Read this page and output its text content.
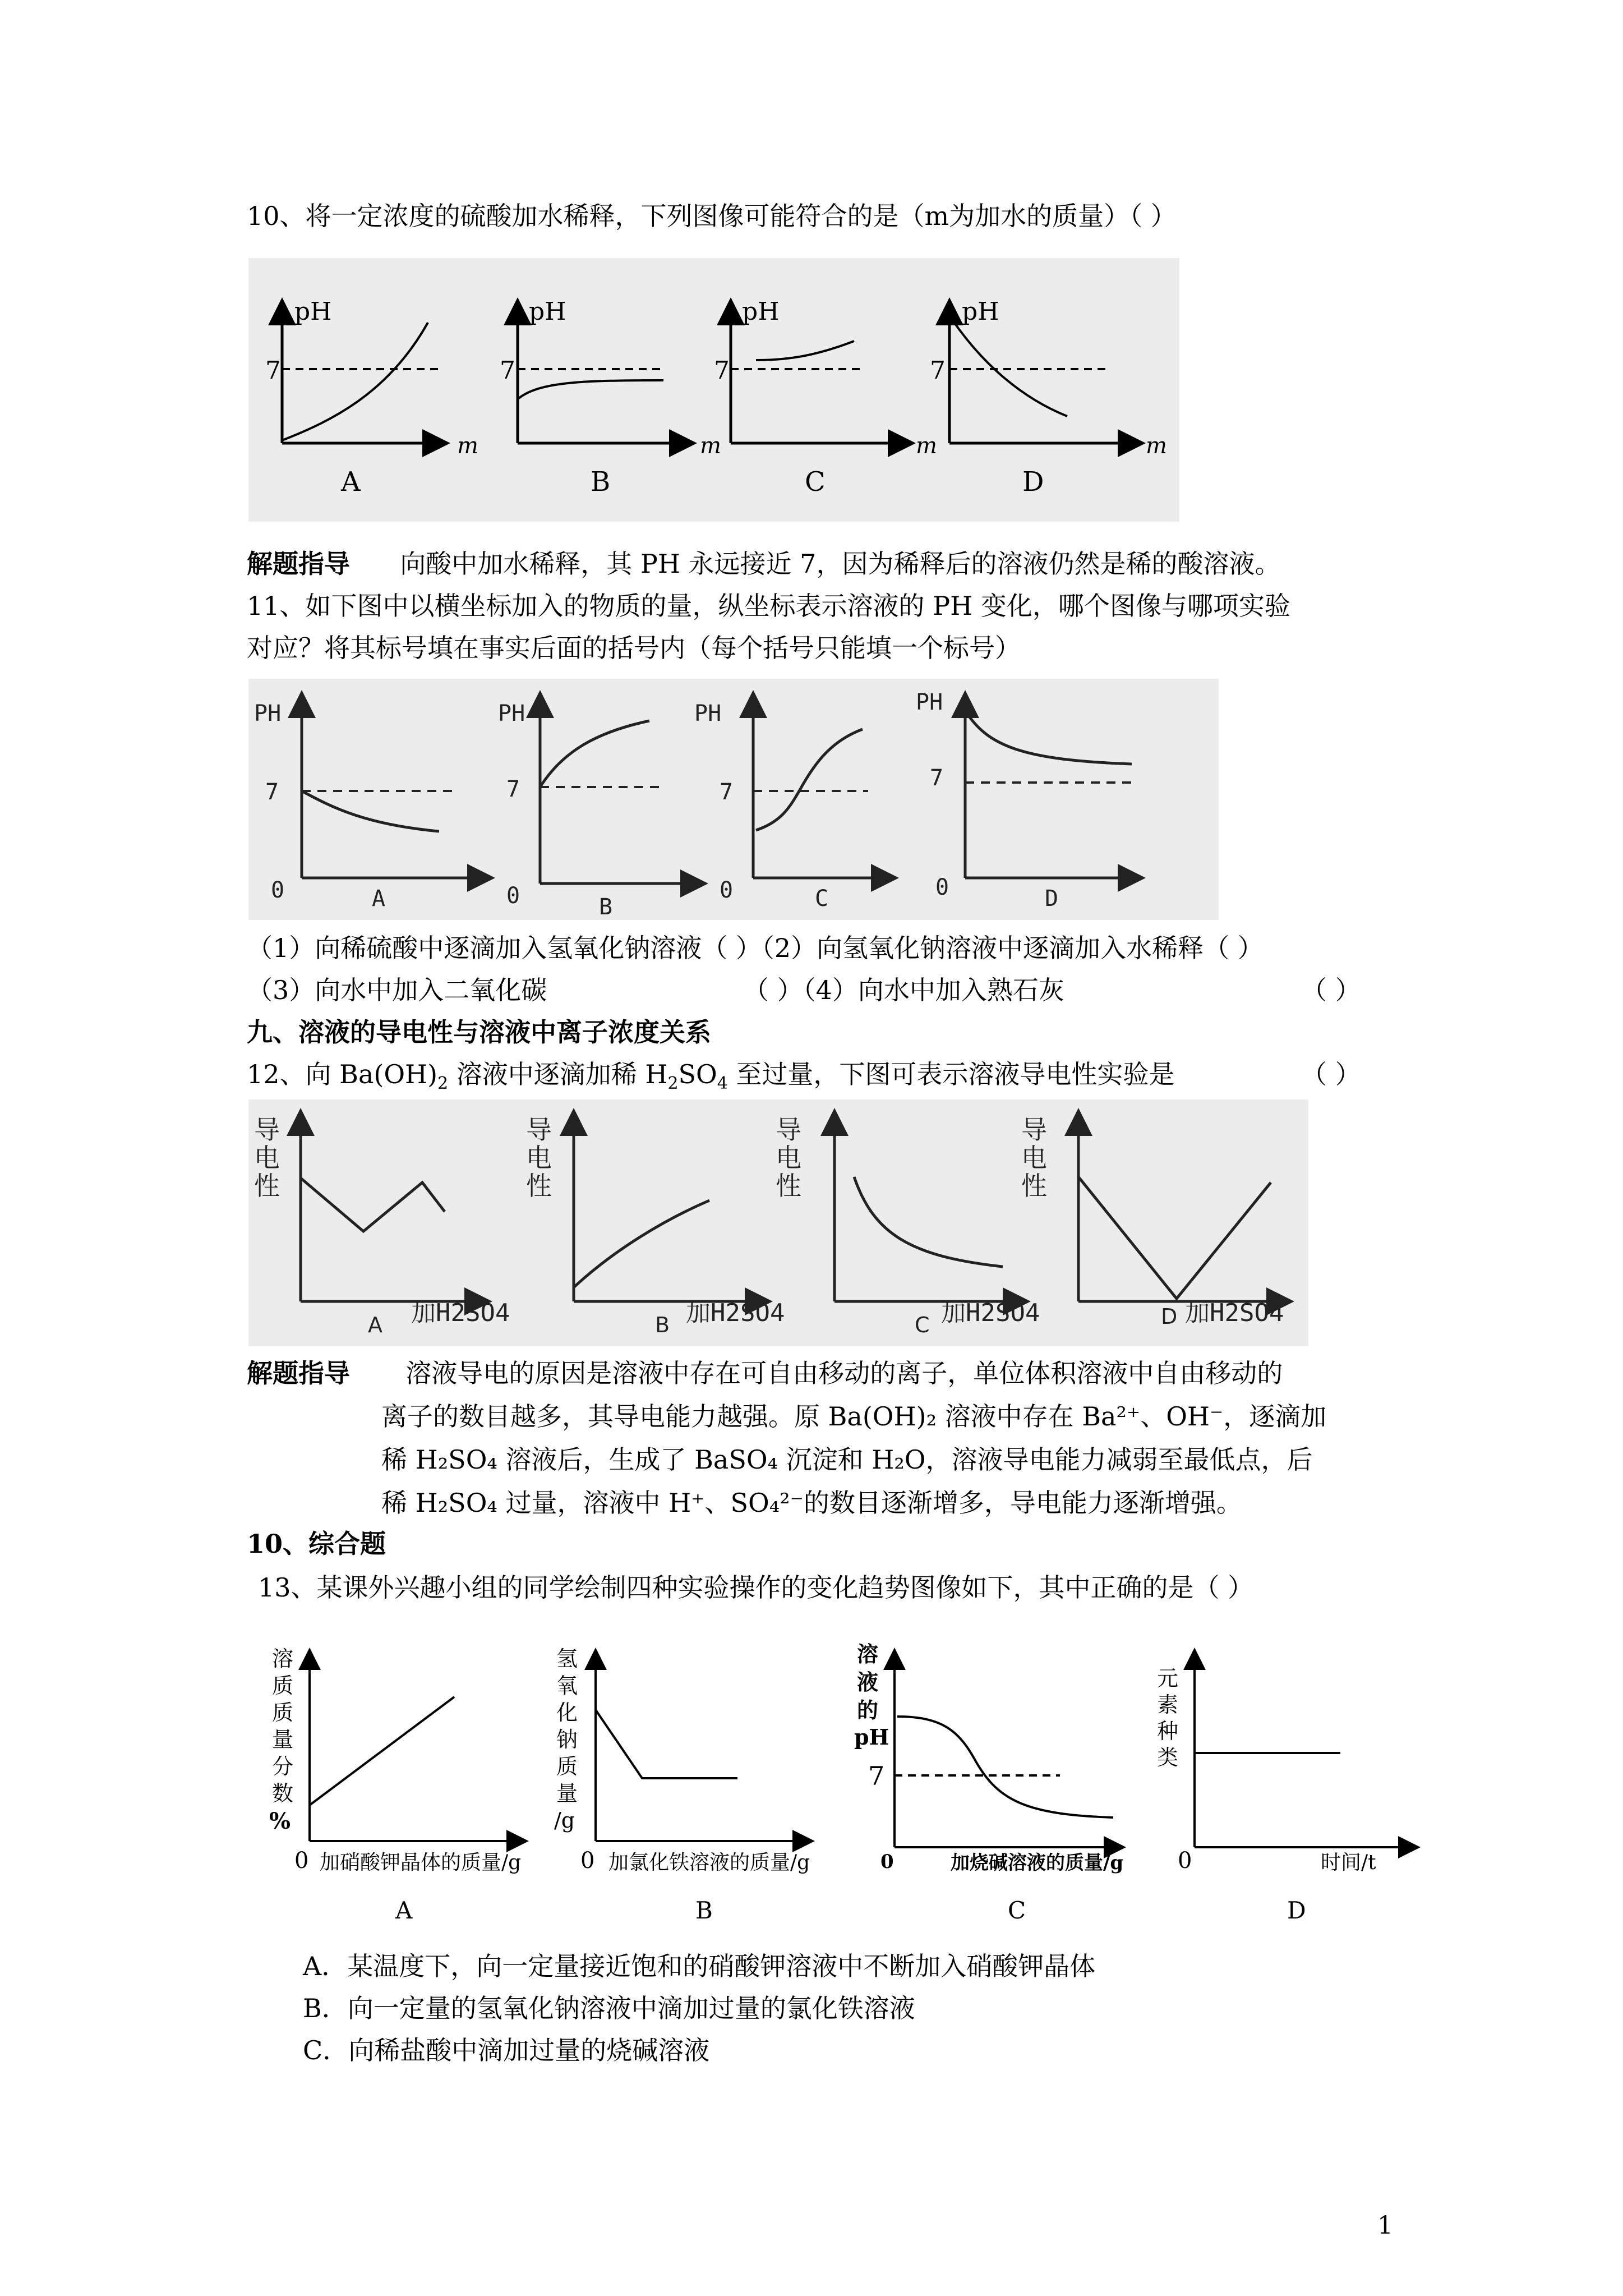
10、将一定浓度的硫酸加水稀释，下列图像可能符合的是（m为加水的质量）（ ）
7
pH
m
A
7
pH
m
B
7
pH
m
C
7
pH
m
D
解题指导 向酸中加水稀释，其 PH 永远接近 7，因为稀释后的溶液仍然是稀的酸溶液。
11、如下图中以横坐标加入的物质的量，纵坐标表示溶液的 PH 变化，哪个图像与哪项实验
对应？将其标号填在事实后面的括号内（每个括号只能填一个标号）
PH
7
0	A
PH
7
0	B
PH
7
0	C
PH
7
0	D
（1）向稀硫酸中逐滴加入氢氧化钠溶液（ ）（2）向氢氧化钠溶液中逐滴加入水稀释（ ）
（3）向水中加入二氧化碳	（ ）（4）向水中加入熟石灰	（ ）
九、溶液的导电性与溶液中离子浓度关系
12、向 $Ba(OH)_2$ 溶液中逐滴加稀 $H_2SO_4$ 至过量，下图可表示溶液导电性实验是	（ ）
导
电
性
A 加H2SO4
导
电
性
B 加H2SO4
导
电
性
C 加H2SO4
导
电
性
D 加H2SO4
解题指导 溶液导电的原因是溶液中存在可自由移动的离子，单位体积溶液中自由移动的
离子的数目越多，其导电能力越强。原 Ba(OH)₂ 溶液中存在 Ba²⁺、OH⁻，逐滴加
稀 H₂SO₄ 溶液后，生成了 BaSO₄ 沉淀和 H₂O，溶液导电能力减弱至最低点，后
稀 H₂SO₄ 过量，溶液中 H⁺、SO₄²⁻的数目逐渐增多，导电能力逐渐增强。
10、综合题
13、某课外兴趣小组的同学绘制四种实验操作的变化趋势图像如下，其中正确的是（ ）
溶
质
质
量
分
数
%
0 加硝酸钾晶体的质量/g
A
氢
氧
化
钠
质
量
/g
0 加氯化铁溶液的质量/g
B
溶
液
的
pH
7
0	加烧碱溶液的质量/g
C
元
素
种
类
0	时间/t
D
A．某温度下，向一定量接近饱和的硝酸钾溶液中不断加入硝酸钾晶体
B．向一定量的氢氧化钠溶液中滴加过量的氯化铁溶液
C．向稀盐酸中滴加过量的烧碱溶液
1
